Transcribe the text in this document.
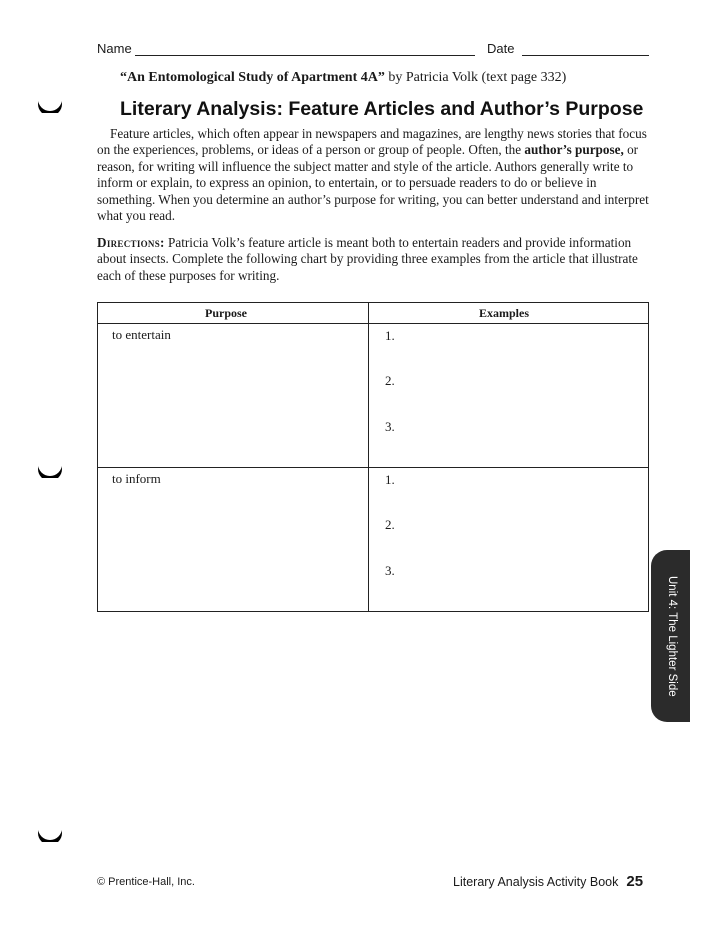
Name	Date
“An Entomological Study of Apartment 4A” by Patricia Volk (text page 332)
Literary Analysis: Feature Articles and Author’s Purpose
Feature articles, which often appear in newspapers and magazines, are lengthy news stories that focus on the experiences, problems, or ideas of a person or group of people. Often, the author’s purpose, or reason, for writing will influence the subject matter and style of the article. Authors generally write to inform or explain, to express an opinion, to entertain, or to persuade readers to do or believe in something. When you determine an author’s purpose for writing, you can better understand and interpret what you read.
Directions: Patricia Volk’s feature article is meant both to entertain readers and provide information about insects. Complete the following chart by providing three examples from the article that illustrate each of these purposes for writing.
Purpose	Examples
to entertain	1.
2.
3.
to inform	1.
2.
3.
Unit 4: The Lighter Side
© Prentice-Hall, Inc.	Literary Analysis Activity Book 25
